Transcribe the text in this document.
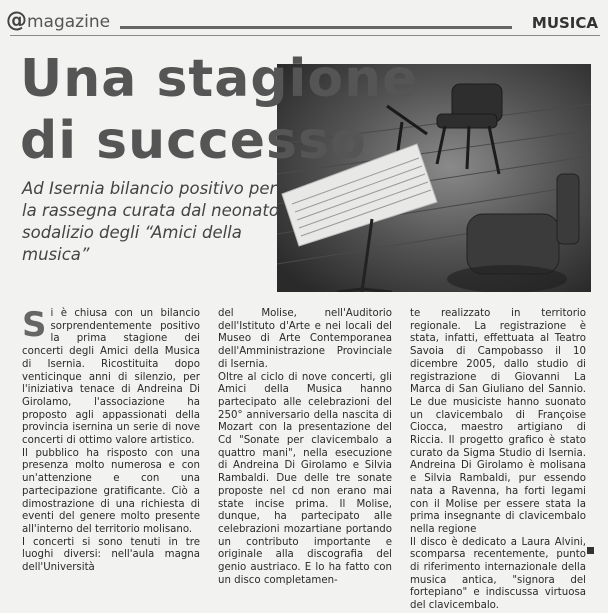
@magazine	MUSICA
Una stagione
di successo
Ad Isernia bilancio positivo per la rassegna curata dal neonato sodalizio degli “Amici della musica”

Si è chiusa con un bilancio sorprendentemente positivo la prima stagione dei concerti degli Amici della Musica di Isernia. Ricostituita dopo venticinque anni di silenzio, per l'iniziativa tenace di Andreina Di Girolamo, l'associazione ha proposto agli appassionati della provincia isernina un serie di nove concerti di ottimo valore artistico.

Il pubblico ha risposto con una presenza molto numerosa e con un'attenzione e con una partecipazione gratificante. Ciò a dimostrazione di una richiesta di eventi del genere molto presente all'interno del territorio molisano.

I concerti si sono tenuti in tre luoghi diversi: nell'aula magna dell'Università

del Molise, nell'Auditorio dell'Istituto d'Arte e nei locali del Museo di Arte Contemporanea dell'Amministrazione Provinciale di Isernia.

Oltre al ciclo di nove concerti, gli Amici della Musica hanno partecipato alle celebrazioni del 250° anniversario della nascita di Mozart con la presentazione del Cd "Sonate per clavicembalo a quattro mani", nella esecuzione di Andreina Di Girolamo e Silvia Rambaldi. Due delle tre sonate proposte nel cd non erano mai state incise prima. Il Molise, dunque, ha partecipato alle celebrazioni mozartiane portando un contributo importante e originale alla discografia del genio austriaco. E lo ha fatto con un disco completamen-

te realizzato in territorio regionale. La registrazione è stata, infatti, effettuata al Teatro Savoia di Campobasso il 10 dicembre 2005, dallo studio di registrazione di Giovanni La Marca di San Giuliano del Sannio. Le due musiciste hanno suonato un clavicembalo di Françoise Ciocca, maestro artigiano di Riccia. Il progetto grafico è stato curato da Sigma Studio di Isernia. Andreina Di Girolamo è molisana e Silvia Rambaldi, pur essendo nata a Ravenna, ha forti legami con il Molise per essere stata la prima insegnante di clavicembalo nella regione

Il disco è dedicato a Laura Alvini, scomparsa recentemente, punto di riferimento internazionale della musica antica, "signora del fortepiano" e indiscussa virtuosa del clavicembalo.
